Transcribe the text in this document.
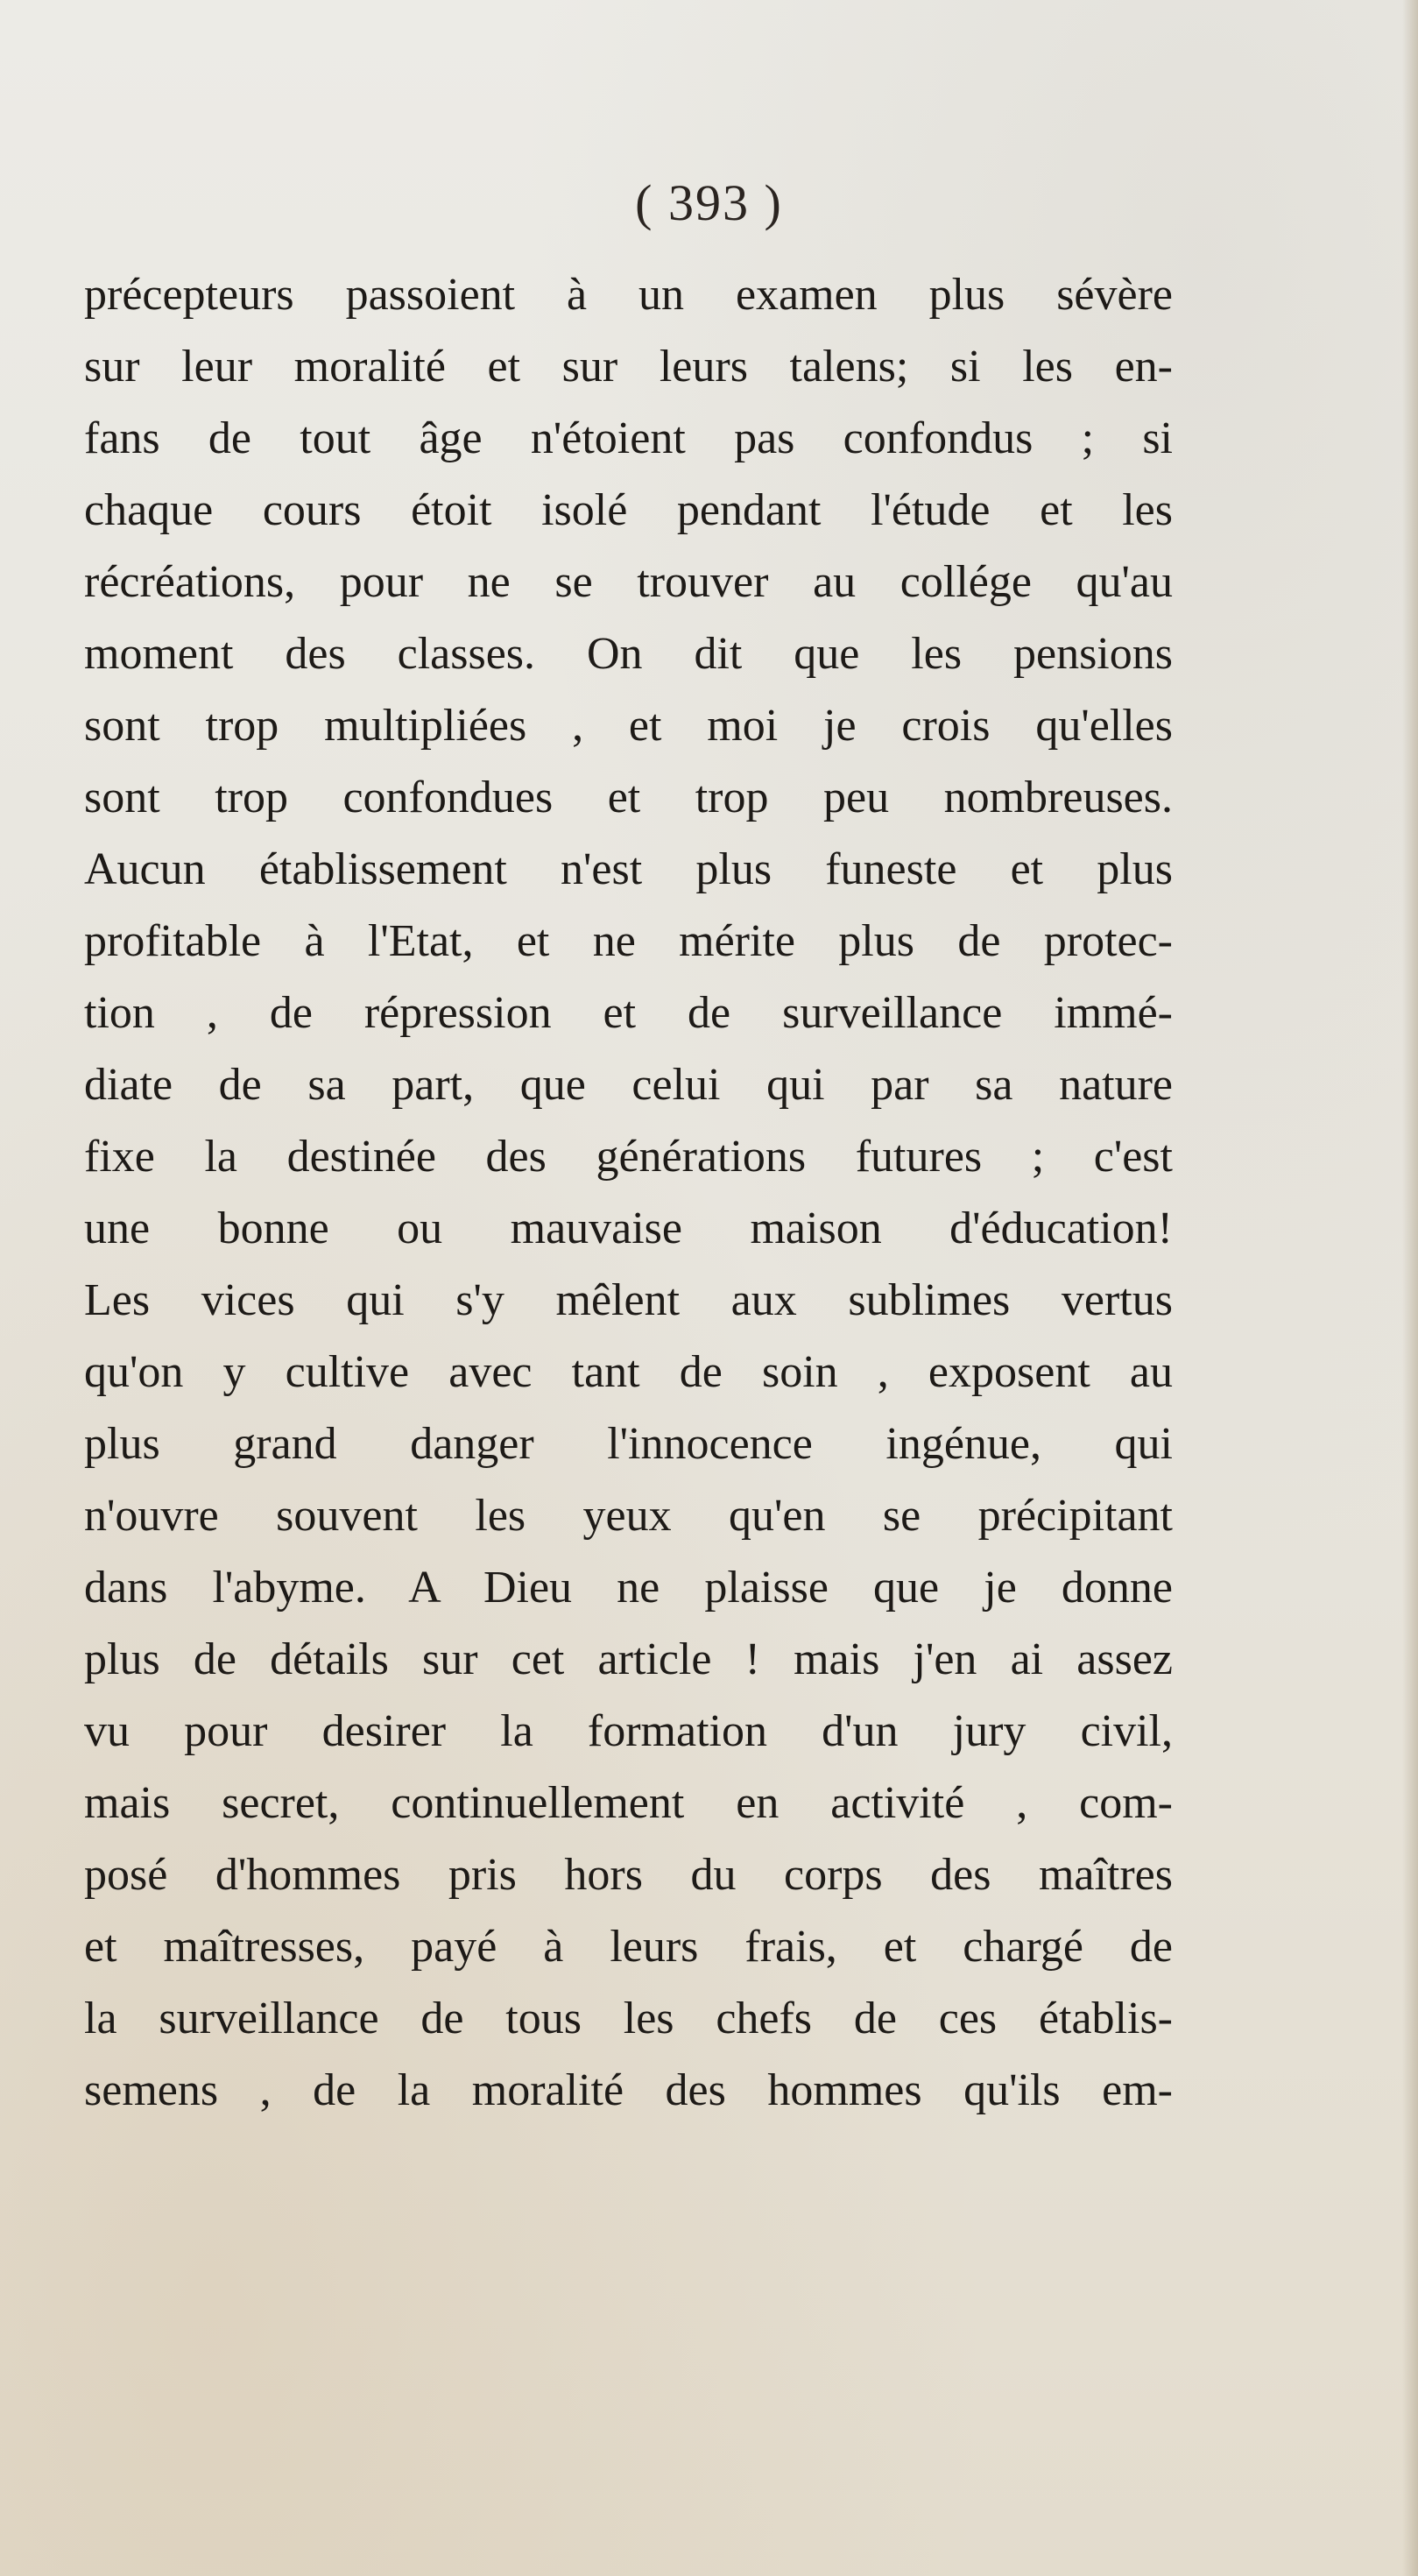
( 393 )
précepteurs passoient à un examen plus sévère
sur leur moralité et sur leurs talens; si les en-
fans de tout âge n'étoient pas confondus ; si
chaque cours étoit isolé pendant l'étude et les
récréations, pour ne se trouver au collége qu'au
moment des classes. On dit que les pensions
sont trop multipliées , et moi je crois qu'elles
sont trop confondues et trop peu nombreuses.
Aucun établissement n'est plus funeste et plus
profitable à l'Etat, et ne mérite plus de protec-
tion , de répression et de surveillance immé-
diate de sa part, que celui qui par sa nature
fixe la destinée des générations futures ; c'est
une bonne ou mauvaise maison d'éducation!
Les vices qui s'y mêlent aux sublimes vertus
qu'on y cultive avec tant de soin , exposent au
plus grand danger l'innocence ingénue, qui
n'ouvre souvent les yeux qu'en se précipitant
dans l'abyme. A Dieu ne plaisse que je donne
plus de détails sur cet article ! mais j'en ai assez
vu pour desirer la formation d'un jury civil,
mais secret, continuellement en activité , com-
posé d'hommes pris hors du corps des maîtres
et maîtresses, payé à leurs frais, et chargé de
la surveillance de tous les chefs de ces établis-
semens , de la moralité des hommes qu'ils em-
